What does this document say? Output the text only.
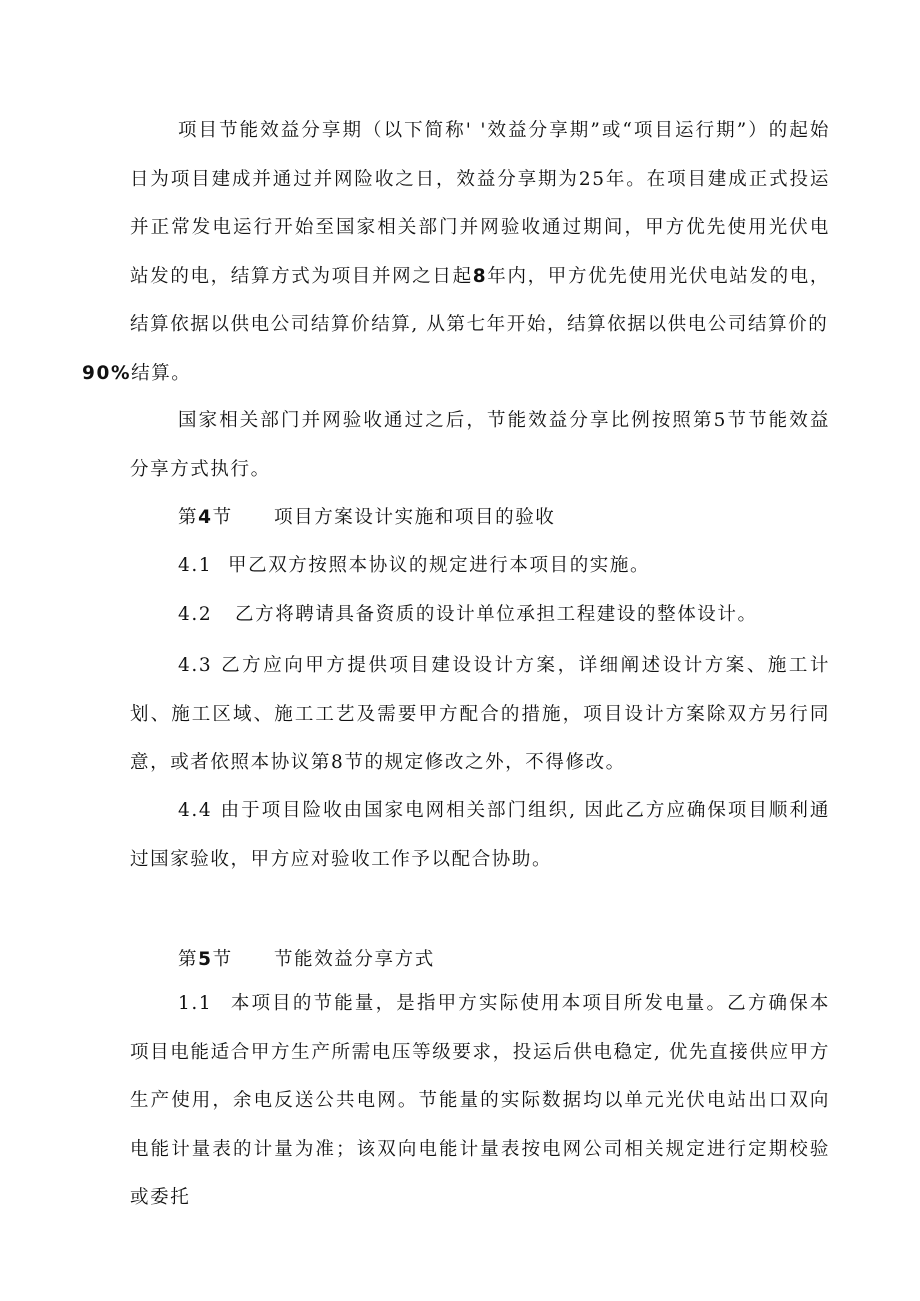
项目节能效益分享期（以下简称' '效益分享期”或“项目运行期”）的起始日为项目建成并通过并网险收之日，效益分享期为25年。在项目建成正式投运并正常发电运行开始至国家相关部门并网验收通过期间，甲方优先使用光伏电站发的电，结算方式为项目并网之日起8年内，甲方优先使用光伏电站发的电，结算依据以供电公司结算价结算, 从第七年开始，结算依据以供电公司结算价的
90%结算。

国家相关部门并网验收通过之后，节能效益分享比例按照第5节节能效益分享方式执行。

第4节 项目方案设计实施和项目的验收
4.1 甲乙双方按照本协议的规定进行本项目的实施。
4.2 乙方将聘请具备资质的设计单位承担工程建设的整体设计。

4.3 乙方应向甲方提供项目建设设计方案，详细阐述设计方案、施工计划、施工区域、施工工艺及需要甲方配合的措施，项目设计方案除双方另行同意，或者依照本协议第8节的规定修改之外，不得修改。

4.4 由于项目险收由国家电网相关部门组织, 因此乙方应确保项目顺利通过国家验收，甲方应对验收工作予以配合协助。

第5节 节能效益分享方式

1.1 本项目的节能量，是指甲方实际使用本项目所发电量。乙方确保本项目电能适合甲方生产所需电压等级要求，投运后供电稳定, 优先直接供应甲方生产使用，余电反送公共电网。节能量的实际数据均以单元光伏电站出口双向电能计量表的计量为准；该双向电能计量表按电网公司相关规定进行定期校验或委托
